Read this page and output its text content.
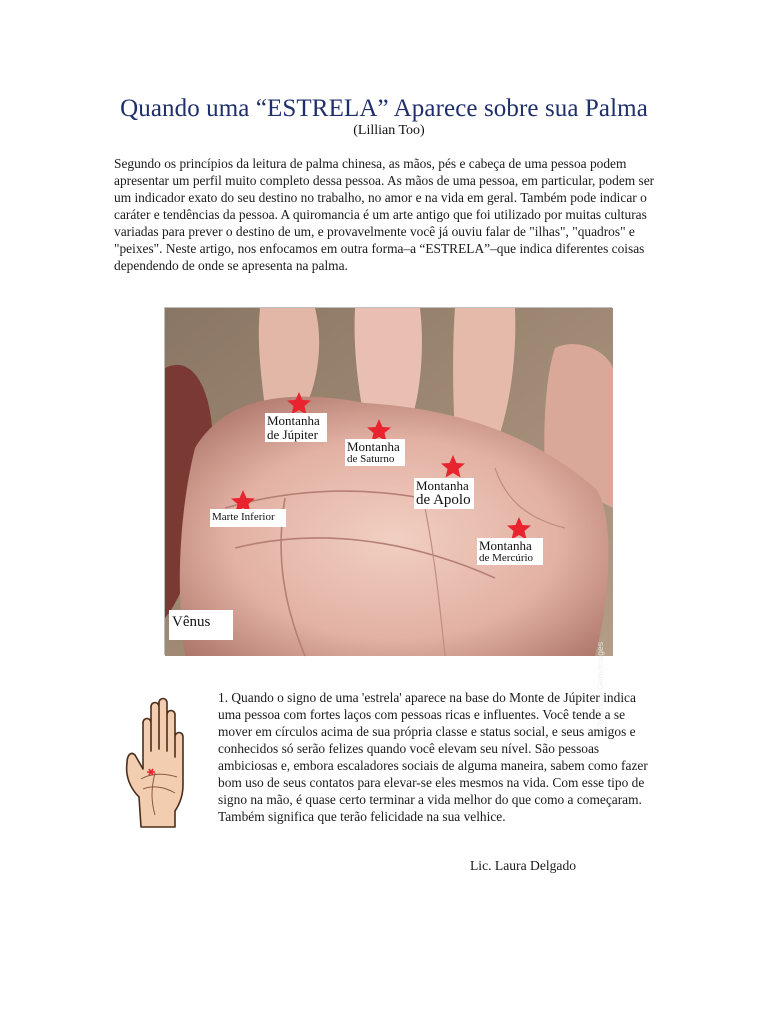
Quando uma “ESTRELA” Aparece sobre sua Palma
(Lillian Too)

Segundo os princípios da leitura de palma chinesa, as mãos, pés e cabeça de uma pessoa podem apresentar um perfil muito completo dessa pessoa. As mãos de uma pessoa, em particular, podem ser um indicador exato do seu destino no trabalho, no amor e na vida em geral. Também pode indicar o caráter e tendências da pessoa. A quiromancia é um arte antigo que foi utilizado por muitas culturas variadas para prever o destino de um, e provavelmente você já ouviu falar de "ilhas", "quadros" e "peixes". Neste artigo, nos enfocamos em outra forma–a “ESTRELA”–que indica diferentes coisas dependendo de onde se apresenta na palma.

Montanha
de Júpiter
Montanha
de Saturno
Montanha
de Apolo
Montanha
de Mercúrio
Marte Inferior
Vênus
Photos by Gettyimages

1. Quando o signo de uma 'estrela' aparece na base do Monte de Júpiter indica uma pessoa com fortes laços com pessoas ricas e influentes. Você tende a se mover em círculos acima de sua própria classe e status social, e seus amigos e conhecidos só serão felizes quando você elevam seu nível. São pessoas ambiciosas e, embora escaladores sociais de alguma maneira, sabem como fazer bom uso de seus contatos para elevar-se eles mesmos na vida. Com esse tipo de signo na mão, é quase certo terminar a vida melhor do que como a começaram. Também significa que terão felicidade na sua velhice.

Lic. Laura Delgado
